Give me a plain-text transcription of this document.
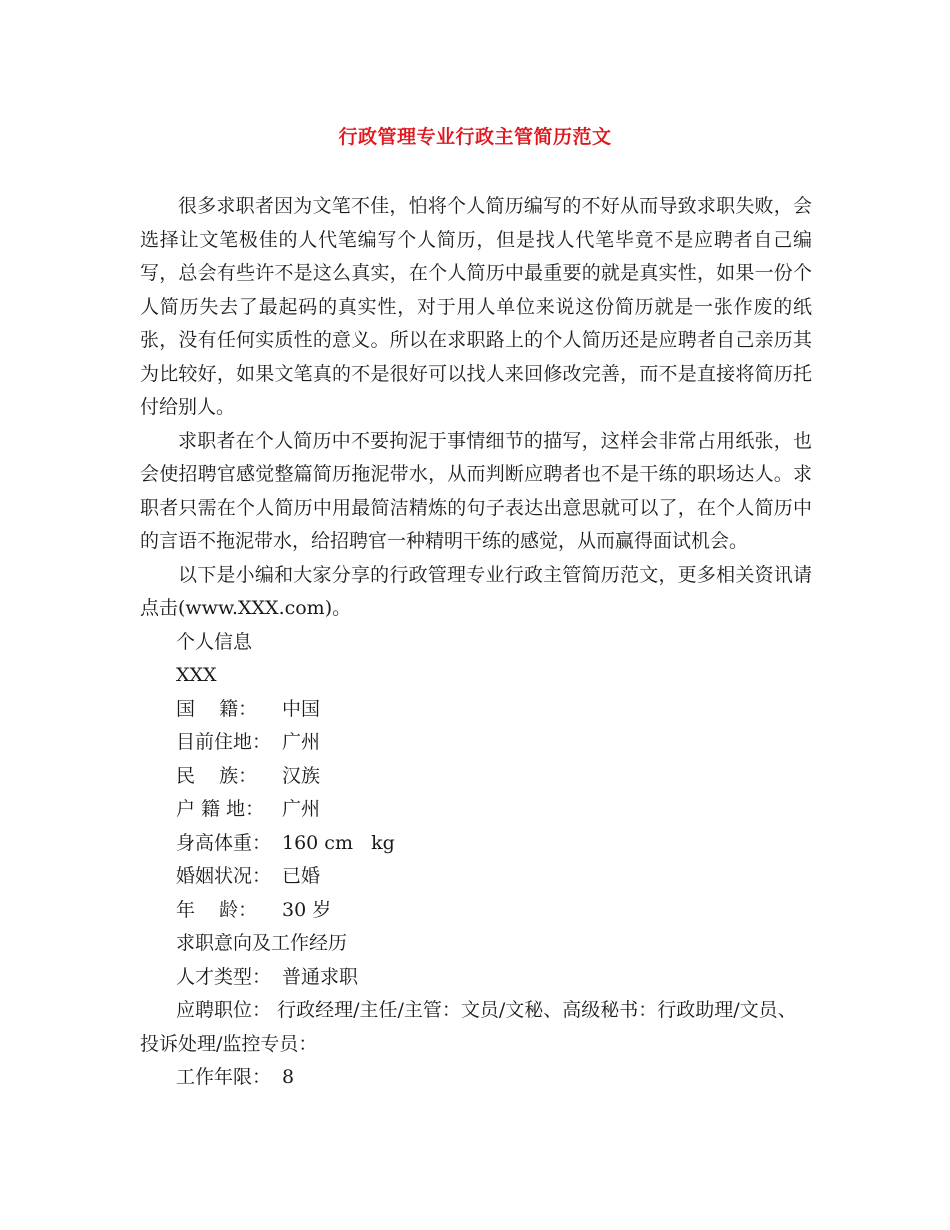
行政管理专业行政主管简历范文

很多求职者因为文笔不佳，怕将个人简历编写的不好从而导致求职失败，会选择让文笔极佳的人代笔编写个人简历，但是找人代笔毕竟不是应聘者自己编写，总会有些许不是这么真实，在个人简历中最重要的就是真实性，如果一份个人简历失去了最起码的真实性，对于用人单位来说这份简历就是一张作废的纸张，没有任何实质性的意义。所以在求职路上的个人简历还是应聘者自己亲历其为比较好，如果文笔真的不是很好可以找人来回修改完善，而不是直接将简历托付给别人。

求职者在个人简历中不要拘泥于事情细节的描写，这样会非常占用纸张，也会使招聘官感觉整篇简历拖泥带水，从而判断应聘者也不是干练的职场达人。求职者只需在个人简历中用最简洁精炼的句子表达出意思就可以了，在个人简历中的言语不拖泥带水，给招聘官一种精明干练的感觉，从而赢得面试机会。

以下是小编和大家分享的行政管理专业行政主管简历范文，更多相关资讯请点击(www.XXX.com)。

个人信息
XXX
国    籍：	中国
目前住地： 广州
民    族：	汉族
户 籍 地： 广州
身高体重： 160 cm   kg
婚姻状况： 已婚
年    龄：	30 岁
求职意向及工作经历
人才类型： 普通求职

应聘职位： 行政经理/主任/主管：文员/文秘、高级秘书：行政助理/文员、投诉处理/监控专员：

工作年限： 8
